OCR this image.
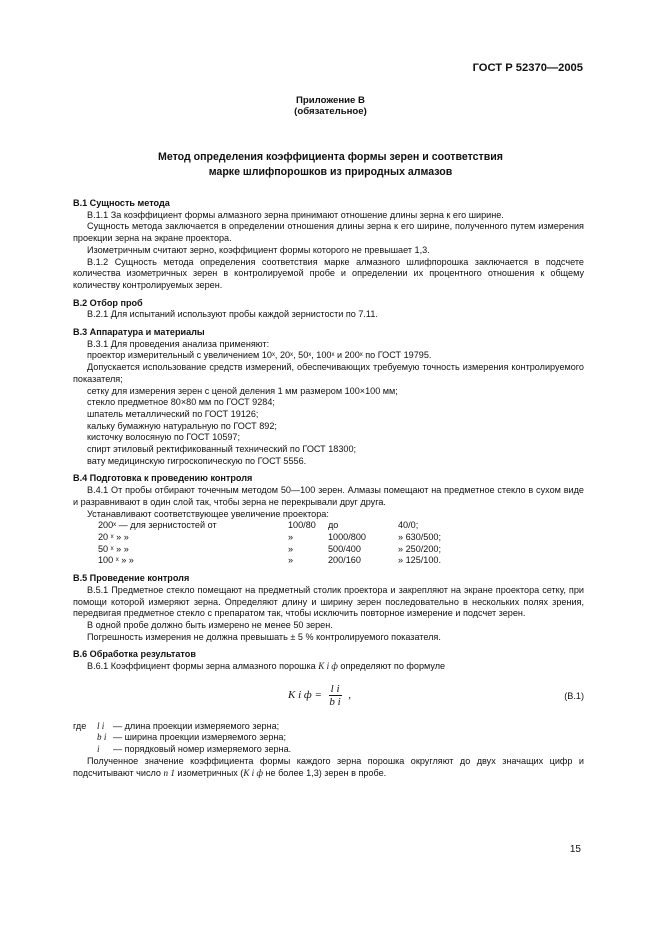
ГОСТ Р 52370—2005
Приложение В
(обязательное)
Метод определения коэффициента формы зерен и соответствия
марке шлифпорошков из природных алмазов

В.1 Сущность метода

В.1.1 За коэффициент формы алмазного зерна принимают отношение длины зерна к его ширине.

Сущность метода заключается в определении отношения длины зерна к его ширине, полученного путем измерения проекции зерна на экране проектора.

Изометричным считают зерно, коэффициент формы которого не превышает 1,3.

В.1.2 Сущность метода определения соответствия марке алмазного шлифпорошка заключается в подсчете количества изометричных зерен в контролируемой пробе и определении их процентного отношения к общему количеству контролируемых зерен.

В.2 Отбор проб

В.2.1 Для испытаний используют пробы каждой зернистости по 7.11.

В.3 Аппаратура и материалы

В.3.1 Для проведения анализа применяют:

проектор измерительный с увеличением 10ˣ, 20ˣ, 50ˣ, 100ˣ и 200ˣ по ГОСТ 19795.

Допускается использование средств измерений, обеспечивающих требуемую точность измерения контролируемого показателя;

сетку для измерения зерен с ценой деления 1 мм размером 100×100 мм;

стекло предметное 80×80 мм по ГОСТ 9284;

шпатель металлический по ГОСТ 19126;

кальку бумажную натуральную по ГОСТ 892;

кисточку волосяную по ГОСТ 10597;

спирт этиловый ректификованный технический по ГОСТ 18300;

вату медицинскую гигроскопическую по ГОСТ 5556.

В.4 Подготовка к проведению контроля

В.4.1 От пробы отбирают точечным методом 50—100 зерен. Алмазы помещают на предметное стекло в сухом виде и разравнивают в один слой так, чтобы зерна не перекрывали друг друга.

Устанавливают соответствующее увеличение проектора:

200ˣ — для зернистостей от	100/80	до	40/0;
20 ˣ » »	»	1000/800	» 630/500;
50 ˣ » »	»	500/400	» 250/200;
100 ˣ » »	»	200/160	» 125/100.

В.5 Проведение контроля

В.5.1 Предметное стекло помещают на предметный столик проектора и закрепляют на экране проектора сетку, при помощи которой измеряют зерна. Определяют длину и ширину зерен последовательно в нескольких полях зрения, передвигая предметное стекло с препаратом так, чтобы исключить повторное измерение и подсчет зерен.

В одной пробе должно быть измерено не менее 50 зерен.

Погрешность измерения не должна превышать ± 5 % контролируемого показателя.

В.6 Обработка результатов

В.6.1 Коэффициент формы зерна алмазного порошка K i ф определяют по формуле

K i $ф = \frac{\text{l i}}{\text{b i}}$ ,	(В.1)
где	l i — длина проекции измеряемого зерна;
b i — ширина проекции измеряемого зерна;
i	— порядковый номер измеряемого зерна.

Полученное значение коэффициента формы каждого зерна порошка округляют до двух значащих цифр и подсчитывают число n 1 изометричных (K i ф не более 1,3) зерен в пробе.

15
